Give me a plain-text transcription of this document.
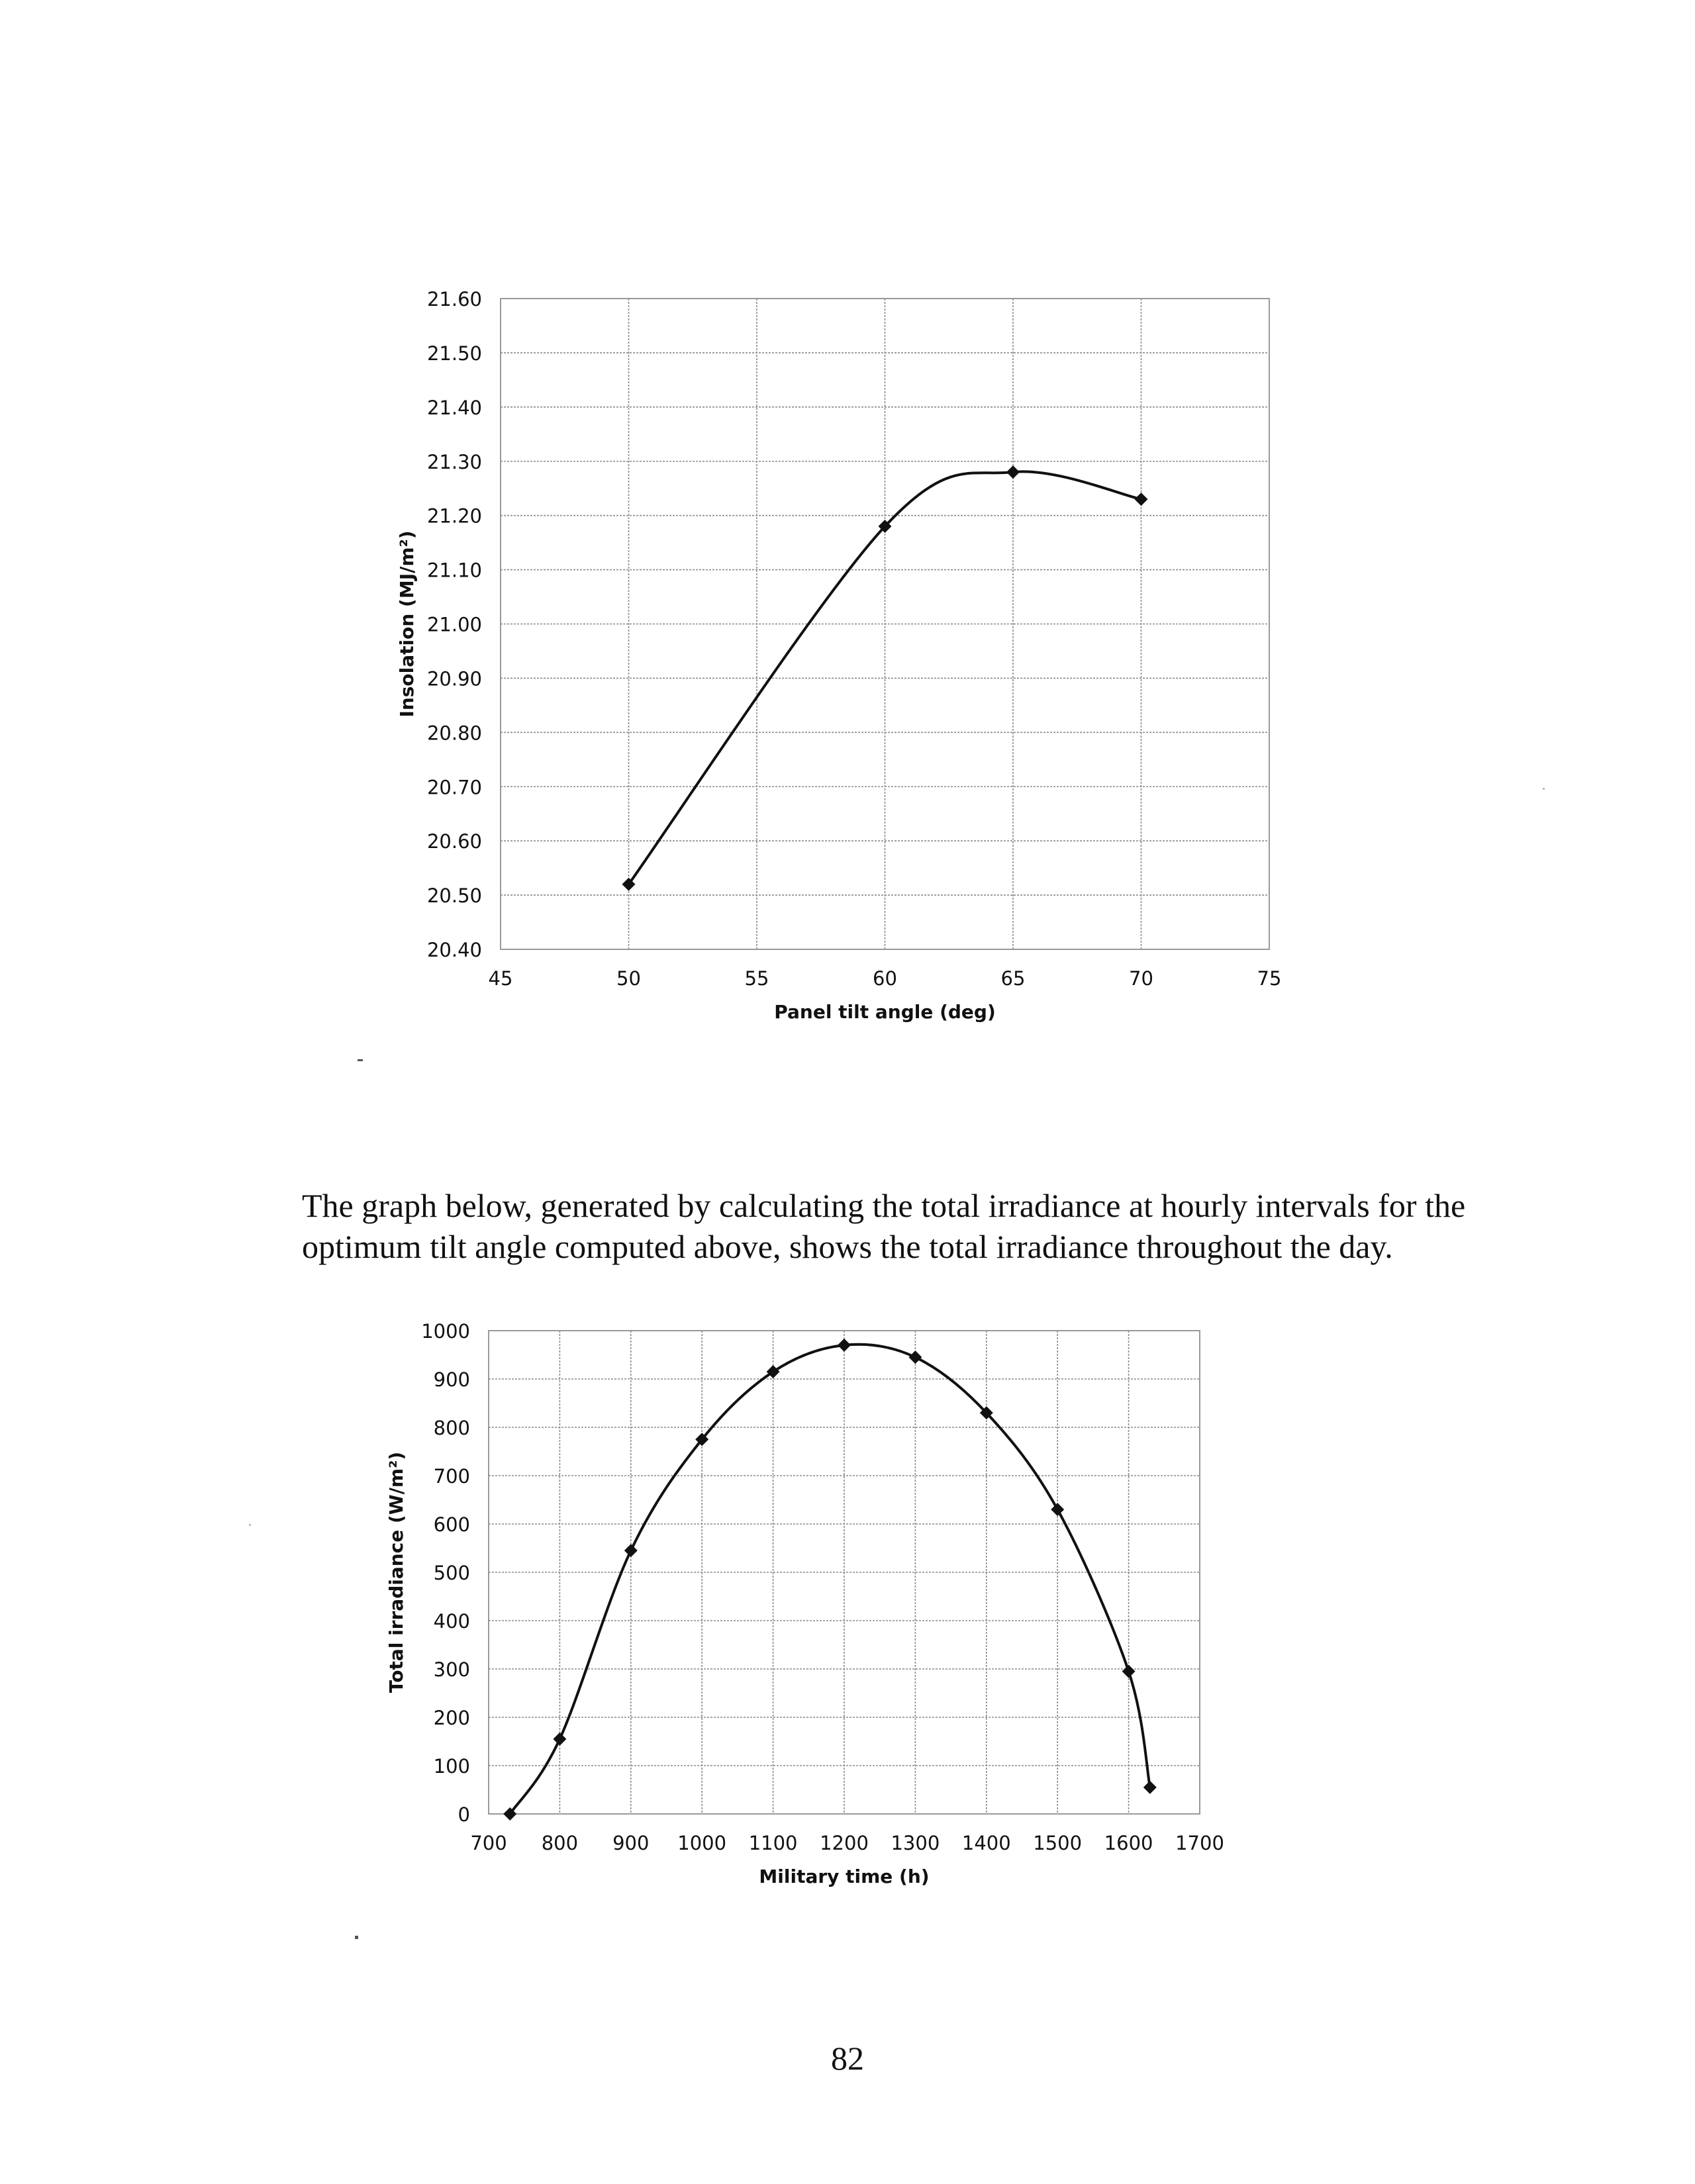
21.60
21.50
21.40
21.30
21.20
21.10
21.00
20.90
20.80
20.70
20.60
20.50
20.40
45	50	55	60	65	70	75
Panel tilt angle (deg)
Insolation (MJ/m²)
1000
900
800
700
600
500
400
300
200
100
0
700 800 900 1000 1100 1200 1300 1400 1500 1600 1700
Military time (h)
Total irradiance (W/m²)
The graph below, generated by calculating the total irradiance at hourly intervals for the
optimum tilt angle computed above, shows the total irradiance throughout the day.
82
